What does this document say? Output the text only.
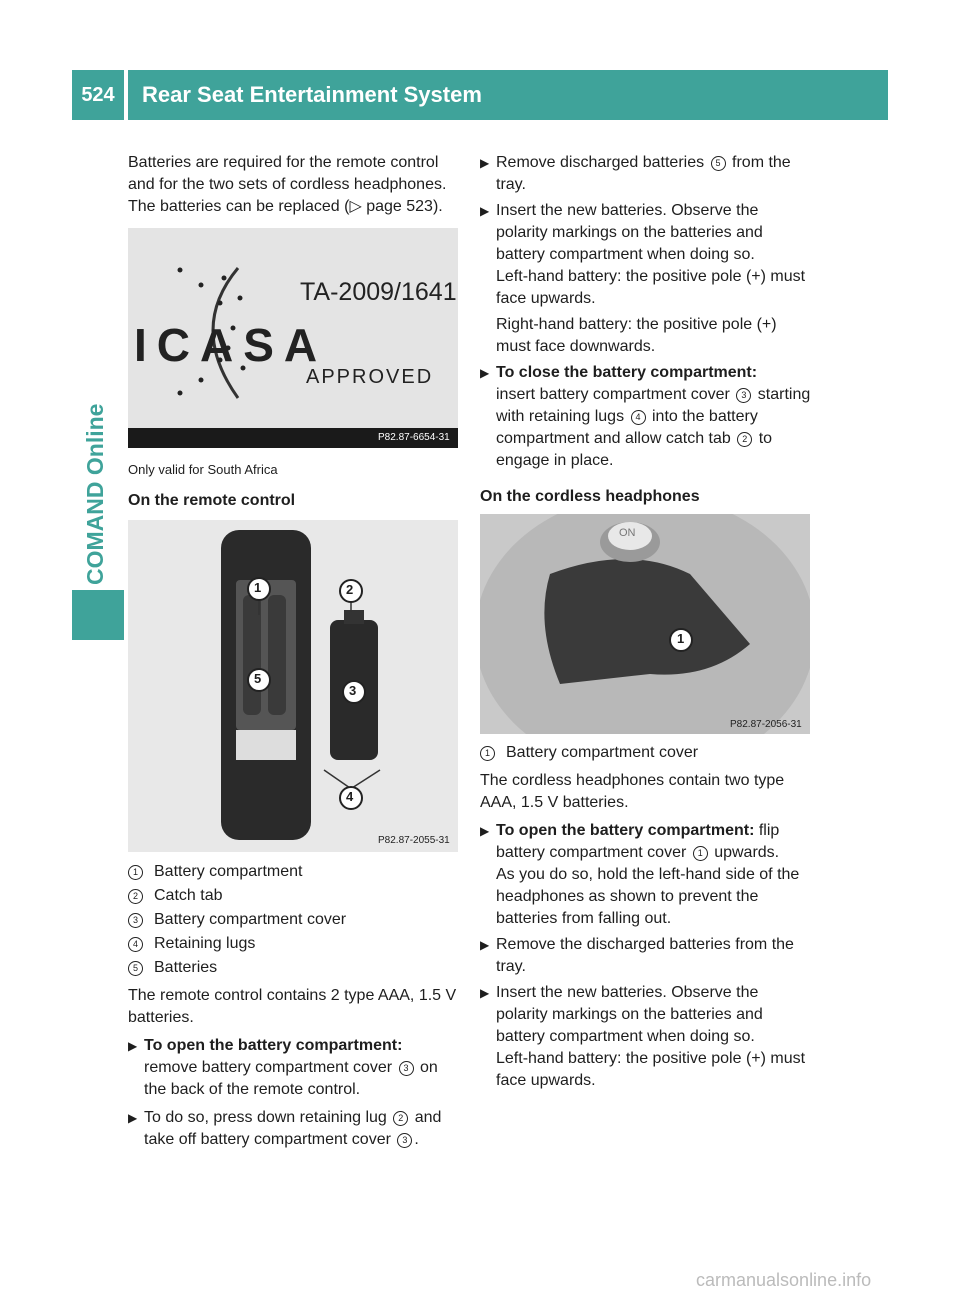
524	Rear Seat Entertainment System
COMAND Online

Batteries are required for the remote control and for the two sets of cordless headphones. The batteries can be replaced (▷ page 523).

ICASA
TA-2009/1641
APPROVED
P82.87-6654-31
Only valid for South Africa
On the remote control
1	2
3
4
5
P82.87-2055-31
1	Battery compartment
2	Catch tab
3	Battery compartment cover
4	Retaining lugs
5	Batteries

The remote control contains 2 type AAA, 1.5 V batteries.

▶ To open the battery compartment:
remove battery compartment cover 3 on the back of the remote control.
▶ To do so, press down retaining lug 2 and take off battery compartment cover 3 .
▶ Remove discharged batteries 5 from the tray.
▶ Insert the new batteries. Observe the polarity markings on the batteries and battery compartment when doing so.
Left-hand battery: the positive pole (+) must face upwards.
Right-hand battery: the positive pole (+) must face downwards.
▶ To close the battery compartment:
insert battery compartment cover 3 starting with retaining lugs 4 into the battery compartment and allow catch tab 2 to engage in place.
On the cordless headphones
ON
1
P82.87-2056-31
1	Battery compartment cover

The cordless headphones contain two type AAA, 1.5 V batteries.

▶ To open the battery compartment: flip battery compartment cover 1 upwards.
As you do so, hold the left-hand side of the headphones as shown to prevent the batteries from falling out.
▶ Remove the discharged batteries from the tray.
▶ Insert the new batteries. Observe the polarity markings on the batteries and battery compartment when doing so.
Left-hand battery: the positive pole (+) must face upwards.
carmanualsonline.info
